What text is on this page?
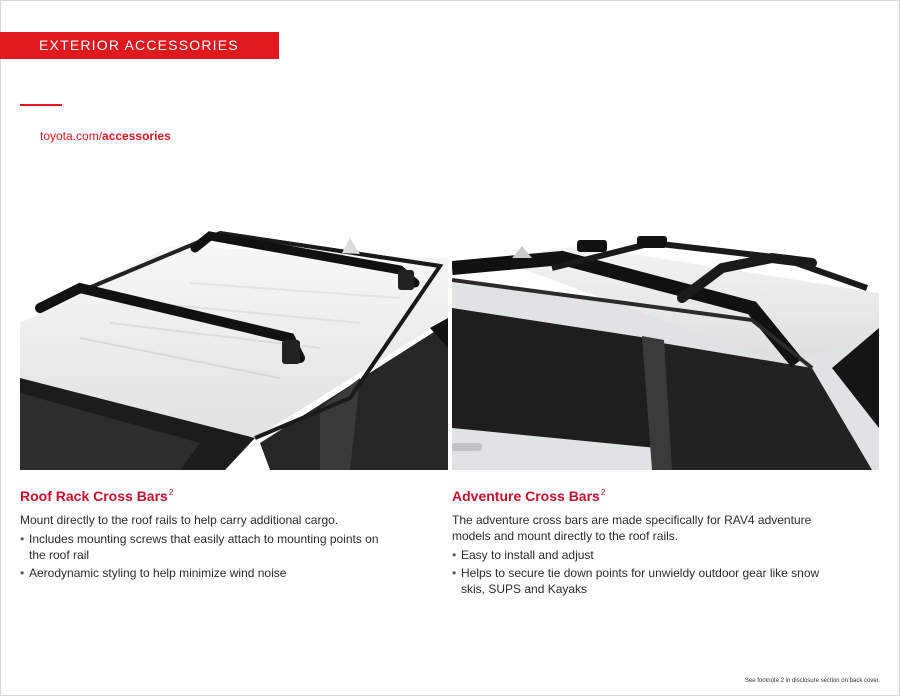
EXTERIOR ACCESSORIES
toyota.com/accessories
Roof Rack Cross Bars$^2$

Mount directly to the roof rails to help carry additional cargo.

• Includes mounting screws that easily attach to mounting points on the roof rail
• Aerodynamic styling to help minimize wind noise
Adventure Cross Bars$^2$

The adventure cross bars are made specifically for RAV4 adventure models and mount directly to the roof rails.

• Easy to install and adjust
• Helps to secure tie down points for unwieldy outdoor gear like snow skis, SUPS and Kayaks
See footnote 2 in disclosure section on back cover.
